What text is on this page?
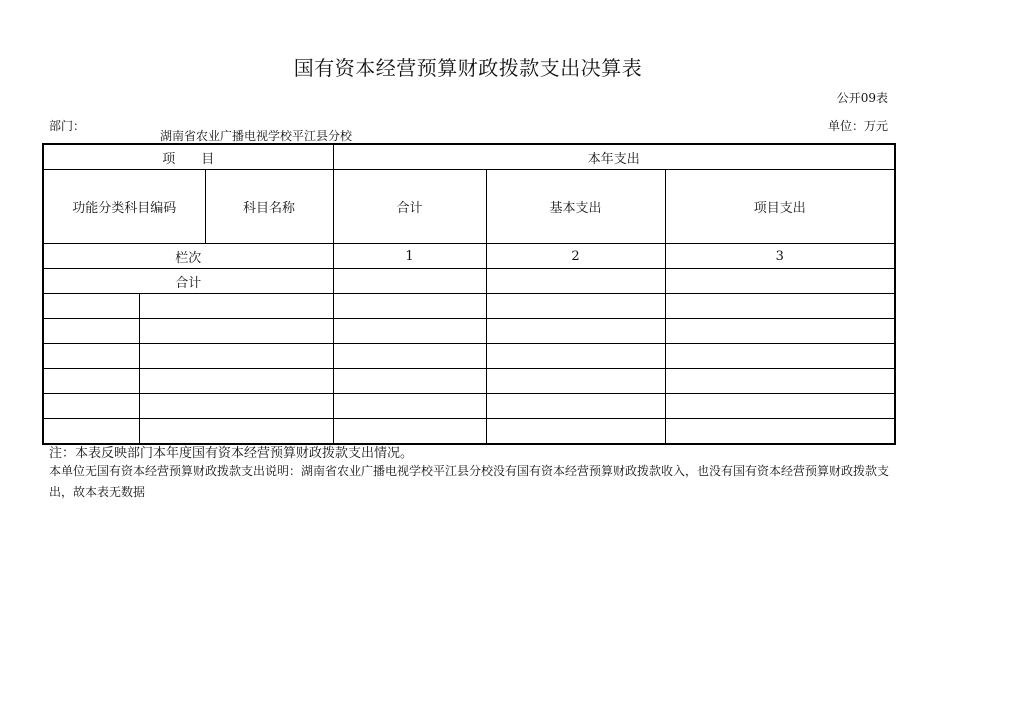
国有资本经营预算财政拨款支出决算表
公开09表
部门：
湖南省农业广播电视学校平江县分校
单位：万元
项　　目			本年支出		
功能分类科目编码		科目名称	合计	基本支出	项目支出
栏次			1	2	3
合计					

注：本表反映部门本年度国有资本经营预算财政拨款支出情况。
本单位无国有资本经营预算财政拨款支出说明：湖南省农业广播电视学校平江县分校没有国有资本经营预算财政拨款收入，也没有国有资本经营预算财政拨款支出，故本表无数据
